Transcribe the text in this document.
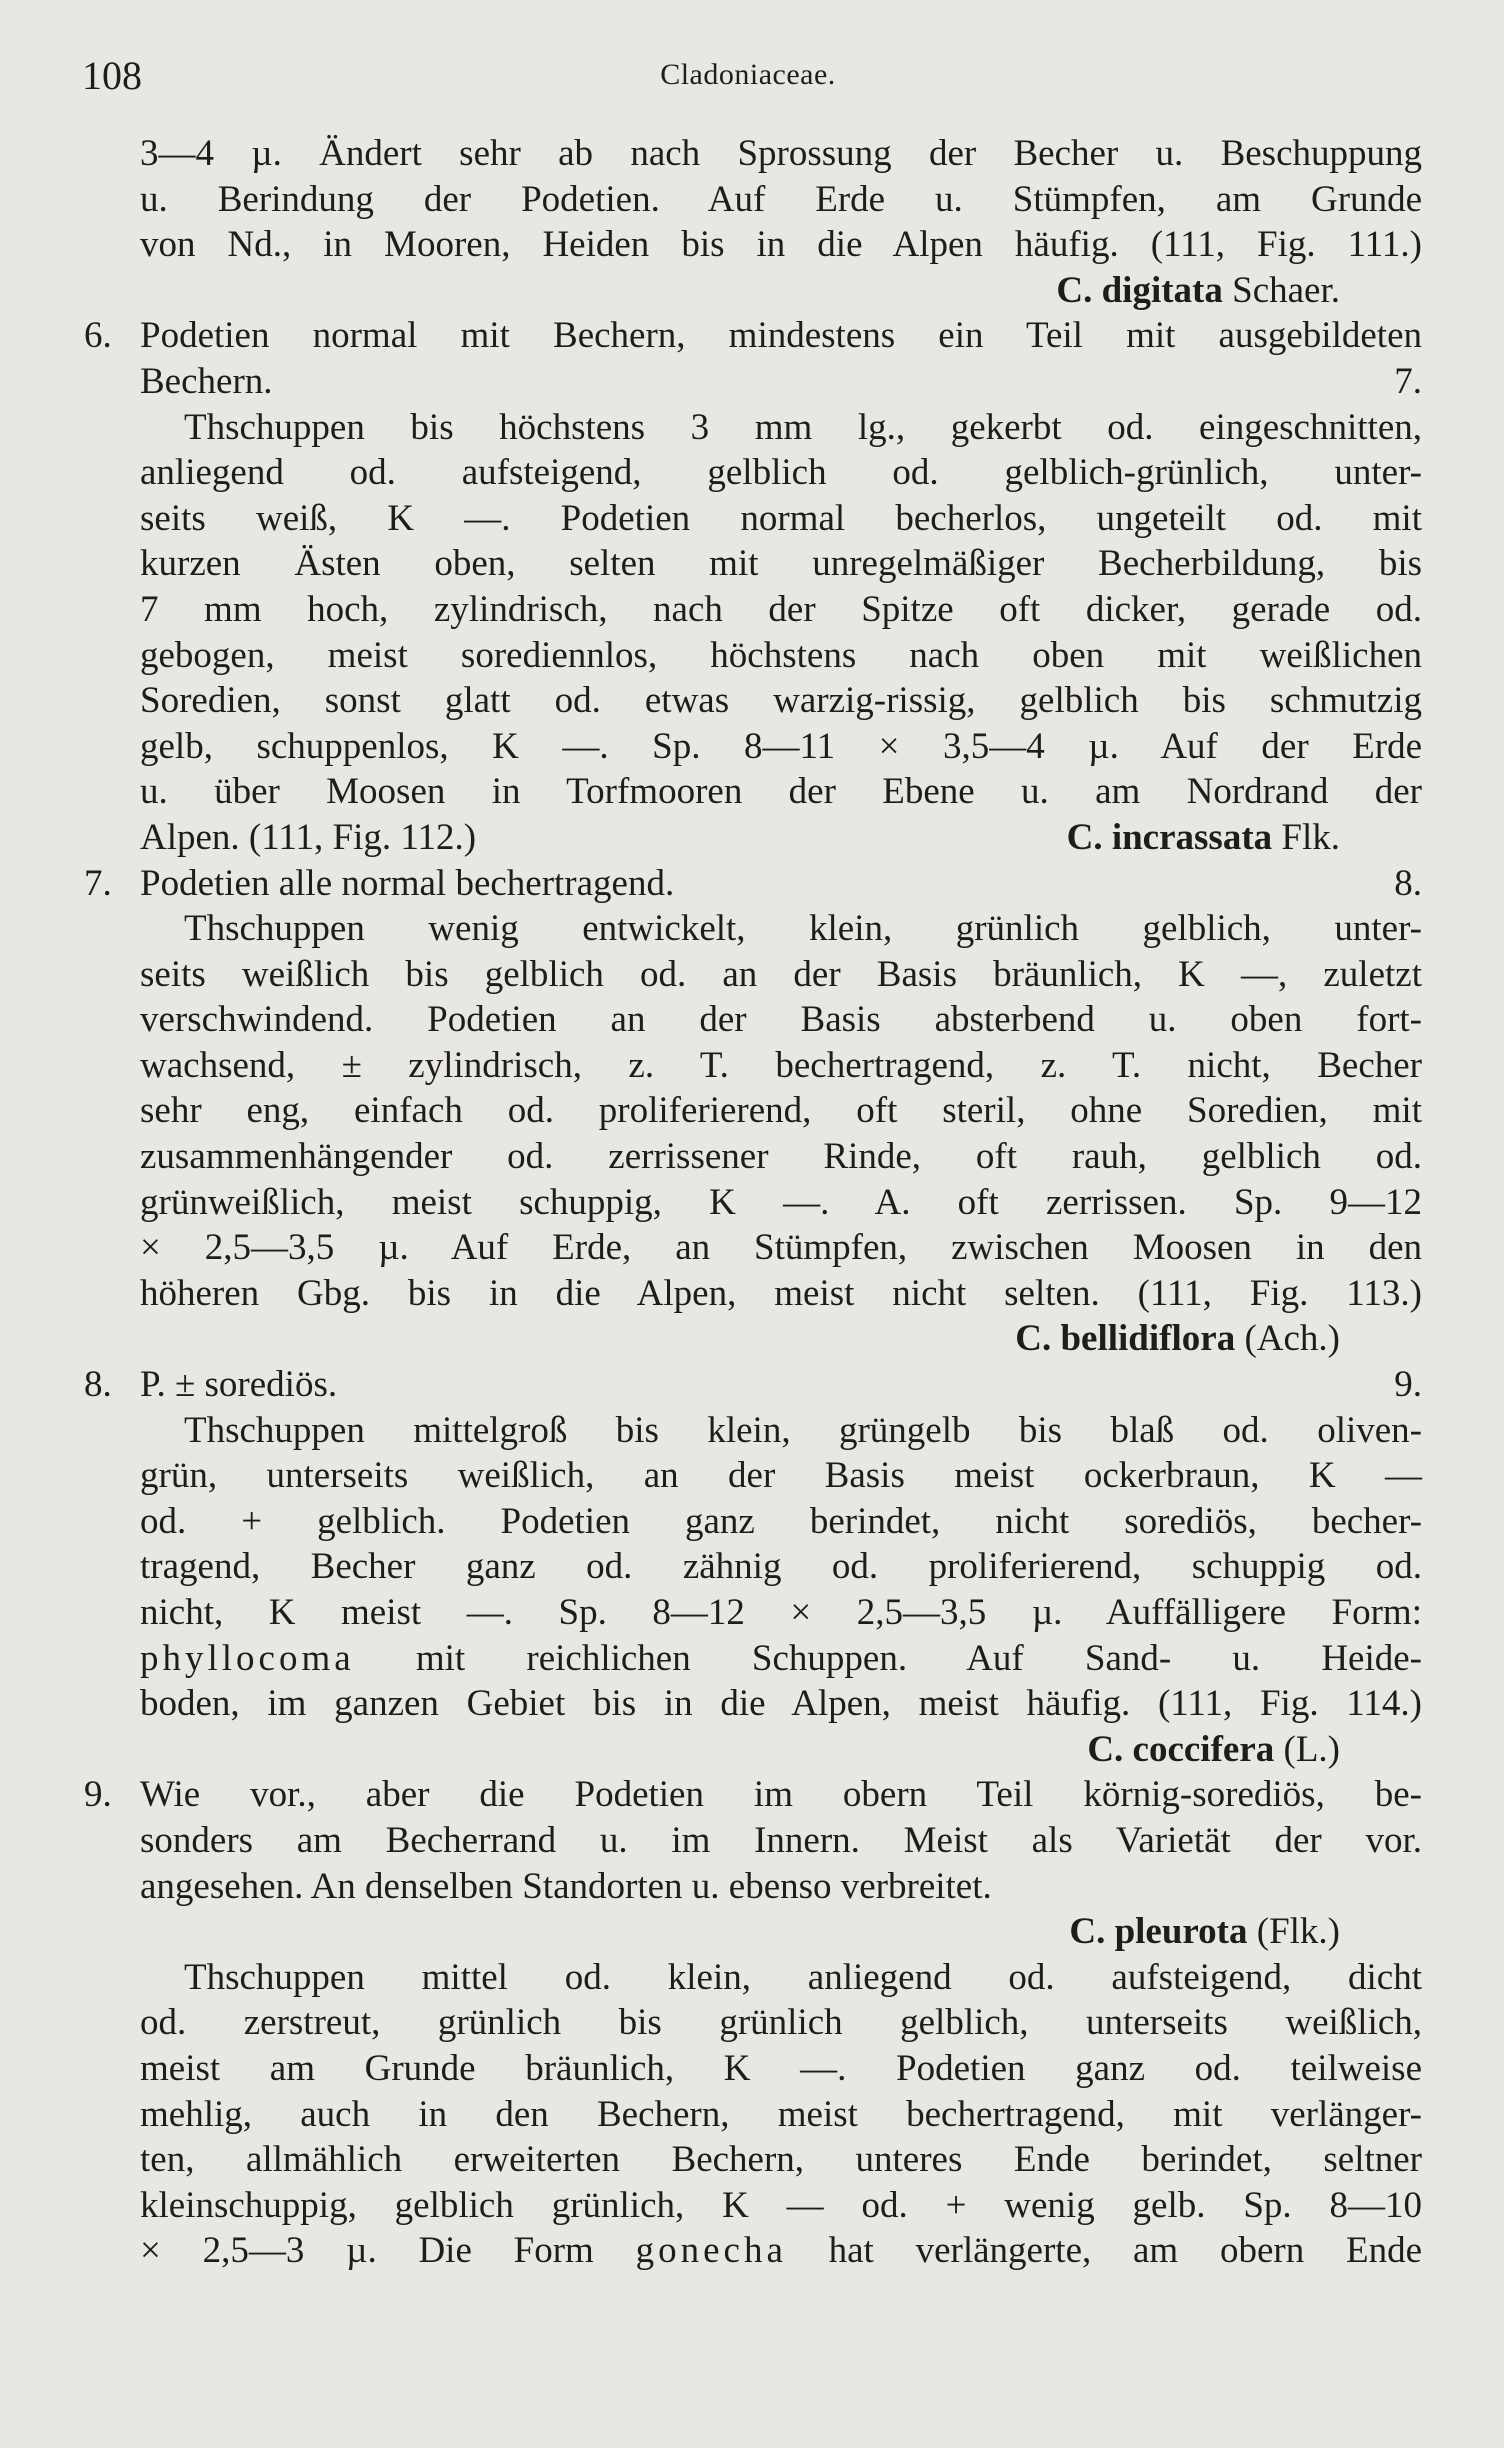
108	Cladoniaceae.
3—4 µ. Ändert sehr ab nach Sprossung der Becher u. Beschuppung
u. Berindung der Podetien. Auf Erde u. Stümpfen, am Grunde
von Nd., in Mooren, Heiden bis in die Alpen häufig. (111, Fig. 111.)
C. digitata Schaer.
6. Podetien normal mit Bechern, mindestens ein Teil mit ausgebildeten
Bechern.	7.
Thschuppen bis höchstens 3 mm lg., gekerbt od. eingeschnitten,
anliegend od. aufsteigend, gelblich od. gelblich-grünlich, unter-
seits weiß, K —. Podetien normal becherlos, ungeteilt od. mit
kurzen Ästen oben, selten mit unregelmäßiger Becherbildung, bis
7 mm hoch, zylindrisch, nach der Spitze oft dicker, gerade od.
gebogen, meist sorediennlos, höchstens nach oben mit weißlichen
Soredien, sonst glatt od. etwas warzig-rissig, gelblich bis schmutzig
gelb, schuppenlos, K —. Sp. 8—11 × 3,5—4 µ. Auf der Erde
u. über Moosen in Torfmooren der Ebene u. am Nordrand der
Alpen. (111, Fig. 112.)	C. incrassata Flk.
7. Podetien alle normal bechertragend.	8.
Thschuppen wenig entwickelt, klein, grünlich gelblich, unter-
seits weißlich bis gelblich od. an der Basis bräunlich, K —, zuletzt
verschwindend. Podetien an der Basis absterbend u. oben fort-
wachsend, ± zylindrisch, z. T. bechertragend, z. T. nicht, Becher
sehr eng, einfach od. proliferierend, oft steril, ohne Soredien, mit
zusammenhängender od. zerrissener Rinde, oft rauh, gelblich od.
grünweißlich, meist schuppig, K —. A. oft zerrissen. Sp. 9—12
× 2,5—3,5 µ. Auf Erde, an Stümpfen, zwischen Moosen in den
höheren Gbg. bis in die Alpen, meist nicht selten. (111, Fig. 113.)
C. bellidiflora (Ach.)
8. P. ± sorediös.	9.
Thschuppen mittelgroß bis klein, grüngelb bis blaß od. oliven-
grün, unterseits weißlich, an der Basis meist ockerbraun, K —
od. + gelblich. Podetien ganz berindet, nicht sorediös, becher-
tragend, Becher ganz od. zähnig od. proliferierend, schuppig od.
nicht, K meist —. Sp. 8—12 × 2,5—3,5 µ. Auffälligere Form:
phyllocoma mit reichlichen Schuppen. Auf Sand- u. Heide-
boden, im ganzen Gebiet bis in die Alpen, meist häufig. (111, Fig. 114.)
C. coccifera (L.)
9. Wie vor., aber die Podetien im obern Teil körnig-sorediös, be-
sonders am Becherrand u. im Innern. Meist als Varietät der vor.
angesehen. An denselben Standorten u. ebenso verbreitet.
C. pleurota (Flk.)
Thschuppen mittel od. klein, anliegend od. aufsteigend, dicht
od. zerstreut, grünlich bis grünlich gelblich, unterseits weißlich,
meist am Grunde bräunlich, K —. Podetien ganz od. teilweise
mehlig, auch in den Bechern, meist bechertragend, mit verlänger-
ten, allmählich erweiterten Bechern, unteres Ende berindet, seltner
kleinschuppig, gelblich grünlich, K — od. + wenig gelb. Sp. 8—10
× 2,5—3 µ. Die Form gonecha hat verlängerte, am obern Ende
